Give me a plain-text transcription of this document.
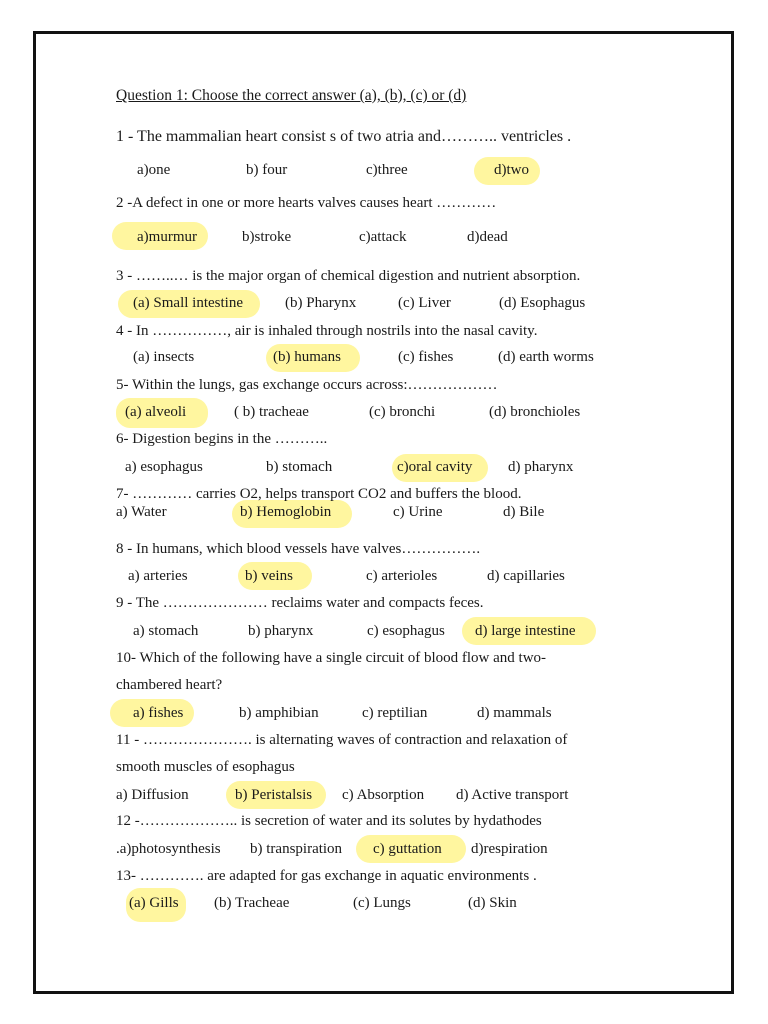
Question 1: Choose the correct answer (a), (b), (c) or (d)
1 - The mammalian heart consist s of two atria and……….. ventricles .
a)one	b) four	c)three	d)two
2 -A defect in one or more hearts valves causes heart …………
a)murmur	b)stroke	c)attack	d)dead
3 - ……..… is the major organ of chemical digestion and nutrient absorption.
(a) Small intestine	(b) Pharynx	(c) Liver	(d) Esophagus
4 - In ……………, air is inhaled through nostrils into the nasal cavity.
(a) insects	(b) humans	(c) fishes	(d) earth worms
5- Within the lungs, gas exchange occurs across:………………
(a) alveoli	( b) tracheae	(c) bronchi	(d) bronchioles
6- Digestion begins in the ………..
a) esophagus	b) stomach	c)oral cavity d) pharynx
7- ………… carries O2, helps transport CO2 and buffers the blood.
a) Water	b) Hemoglobin	c) Urine	d) Bile
8 - In humans, which blood vessels have valves…………….
a) arteries	b) veins	c) arterioles	d) capillaries
9 - The ………………… reclaims water and compacts feces.
a) stomach	b) pharynx	c) esophagus d) large intestine
10- Which of the following have a single circuit of blood flow and two-
chambered heart?
a) fishes	b) amphibian	c) reptilian	d) mammals
11 - …………………. is alternating waves of contraction and relaxation of
smooth muscles of esophagus
a) Diffusion	b) Peristalsis c) Absorption d) Active transport
12 -……………….. is secretion of water and its solutes by hydathodes
.a)photosynthesis b) transpiration c) guttation d)respiration
13- …………. are adapted for gas exchange in aquatic environments .
(a) Gills (b) Tracheae	(c) Lungs	(d) Skin
